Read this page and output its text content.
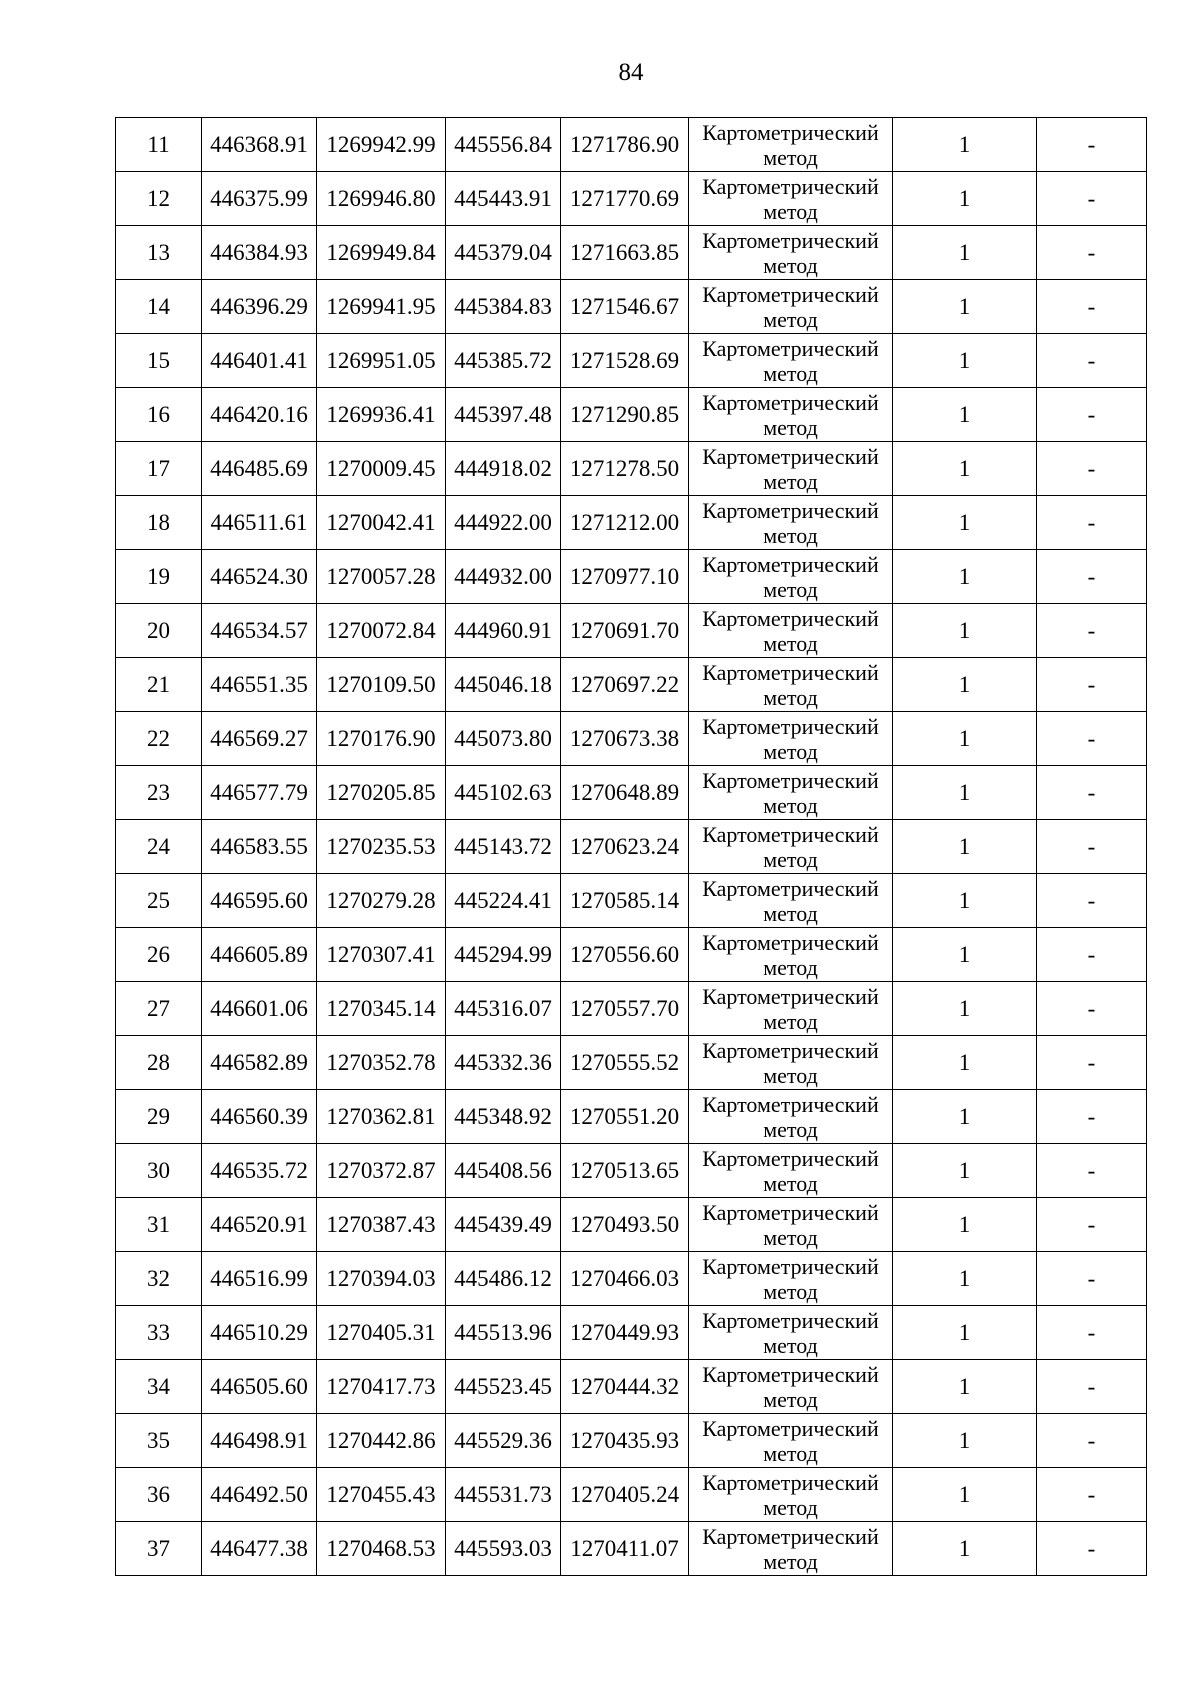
84
11	446368.91	1269942.99	445556.84	1271786.90	Картометрический метод	1	-
12	446375.99	1269946.80	445443.91	1271770.69	Картометрический метод	1	-
13	446384.93	1269949.84	445379.04	1271663.85	Картометрический метод	1	-
14	446396.29	1269941.95	445384.83	1271546.67	Картометрический метод	1	-
15	446401.41	1269951.05	445385.72	1271528.69	Картометрический метод	1	-
16	446420.16	1269936.41	445397.48	1271290.85	Картометрический метод	1	-
17	446485.69	1270009.45	444918.02	1271278.50	Картометрический метод	1	-
18	446511.61	1270042.41	444922.00	1271212.00	Картометрический метод	1	-
19	446524.30	1270057.28	444932.00	1270977.10	Картометрический метод	1	-
20	446534.57	1270072.84	444960.91	1270691.70	Картометрический метод	1	-
21	446551.35	1270109.50	445046.18	1270697.22	Картометрический метод	1	-
22	446569.27	1270176.90	445073.80	1270673.38	Картометрический метод	1	-
23	446577.79	1270205.85	445102.63	1270648.89	Картометрический метод	1	-
24	446583.55	1270235.53	445143.72	1270623.24	Картометрический метод	1	-
25	446595.60	1270279.28	445224.41	1270585.14	Картометрический метод	1	-
26	446605.89	1270307.41	445294.99	1270556.60	Картометрический метод	1	-
27	446601.06	1270345.14	445316.07	1270557.70	Картометрический метод	1	-
28	446582.89	1270352.78	445332.36	1270555.52	Картометрический метод	1	-
29	446560.39	1270362.81	445348.92	1270551.20	Картометрический метод	1	-
30	446535.72	1270372.87	445408.56	1270513.65	Картометрический метод	1	-
31	446520.91	1270387.43	445439.49	1270493.50	Картометрический метод	1	-
32	446516.99	1270394.03	445486.12	1270466.03	Картометрический метод	1	-
33	446510.29	1270405.31	445513.96	1270449.93	Картометрический метод	1	-
34	446505.60	1270417.73	445523.45	1270444.32	Картометрический метод	1	-
35	446498.91	1270442.86	445529.36	1270435.93	Картометрический метод	1	-
36	446492.50	1270455.43	445531.73	1270405.24	Картометрический метод	1	-
37	446477.38	1270468.53	445593.03	1270411.07	Картометрический метод	1	-
